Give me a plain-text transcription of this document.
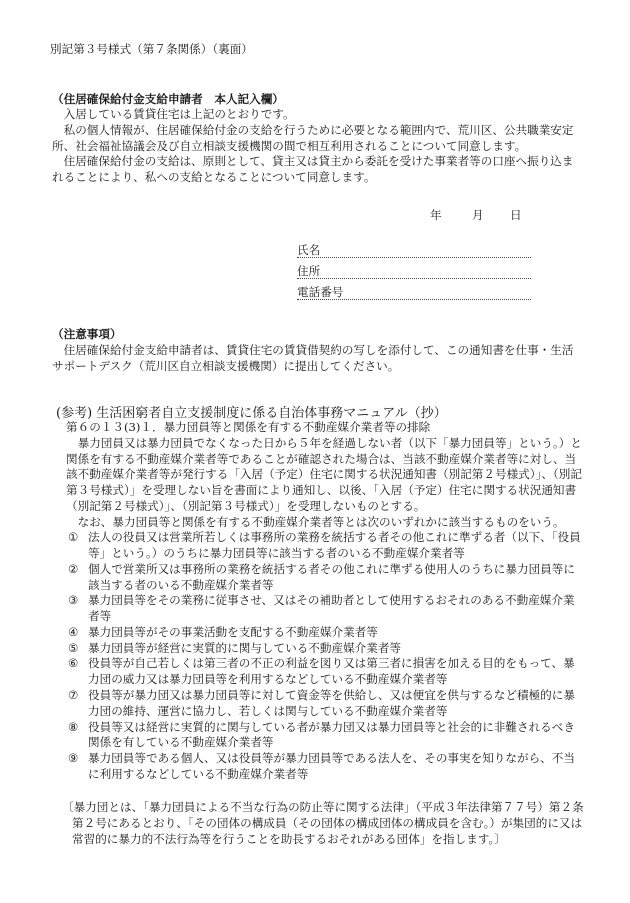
別記第３号様式（第７条関係）（裏面）
（住居確保給付金支給申請者　本人記入欄）

入居している賃貸住宅は上記のとおりです。

私の個人情報が、住居確保給付金の支給を行うために必要となる範囲内で、荒川区、公共職業安定所、社会福祉協議会及び自立相談支援機関の間で相互利用されることについて同意します。

住居確保給付金の支給は、原則として、貸主又は貸主から委託を受けた事業者等の口座へ振り込まれることにより、私への支給となることについて同意します。

年	月 日
氏名
住所
電話番号
（注意事項）

住居確保給付金支給申請者は、賃貸住宅の賃貸借契約の写しを添付して、この通知書を仕事・生活サポートデスク（荒川区自立相談支援機関）に提出してください。

(参考) 生活困窮者自立支援制度に係る自治体事務マニュアル（抄）

第６の１３(3)１．暴力団員等と関係を有する不動産媒介業者等の排除

暴力団員又は暴力団員でなくなった日から５年を経過しない者（以下「暴力団員等」という。）と関係を有する不動産媒介業者等であることが確認された場合は、当該不動産媒介業者等に対し、当該不動産媒介業者等が発行する「入居（予定）住宅に関する状況通知書（別記第２号様式）」、（別記第３号様式）」を受理しない旨を書面により通知し、以後、「入居（予定）住宅に関する状況通知書（別記第２号様式）」、（別記第３号様式）」を受理しないものとする。

なお、暴力団員等と関係を有する不動産媒介業者等とは次のいずれかに該当するものをいう。

① 法人の役員又は営業所若しくは事務所の業務を統括する者その他これに準ずる者（以下、「役員等」という。）のうちに暴力団員等に該当する者のいる不動産媒介業者等

② 個人で営業所又は事務所の業務を統括する者その他これに準ずる使用人のうちに暴力団員等に該当する者のいる不動産媒介業者等

③ 暴力団員等をその業務に従事させ、又はその補助者として使用するおそれのある不動産媒介業者等

④ 暴力団員等がその事業活動を支配する不動産媒介業者等

⑤ 暴力団員等が経営に実質的に関与している不動産媒介業者等

⑥ 役員等が自己若しくは第三者の不正の利益を図り又は第三者に損害を加える目的をもって、暴力団の威力又は暴力団員等を利用するなどしている不動産媒介業者等

⑦ 役員等が暴力団又は暴力団員等に対して資金等を供給し、又は便宜を供与するなど積極的に暴力団の維持、運営に協力し、若しくは関与している不動産媒介業者等

⑧ 役員等又は経営に実質的に関与している者が暴力団又は暴力団員等と社会的に非難されるべき関係を有している不動産媒介業者等

⑨ 暴力団員等である個人、又は役員等が暴力団員等である法人を、その事実を知りながら、不当に利用するなどしている不動産媒介業者等

〔暴力団とは、「暴力団員による不当な行為の防止等に関する法律」（平成３年法律第７７号）第２条第２号にあるとおり、「その団体の構成員（その団体の構成団体の構成員を含む。）が集団的に又は常習的に暴力的不法行為等を行うことを助長するおそれがある団体」を指します。〕
